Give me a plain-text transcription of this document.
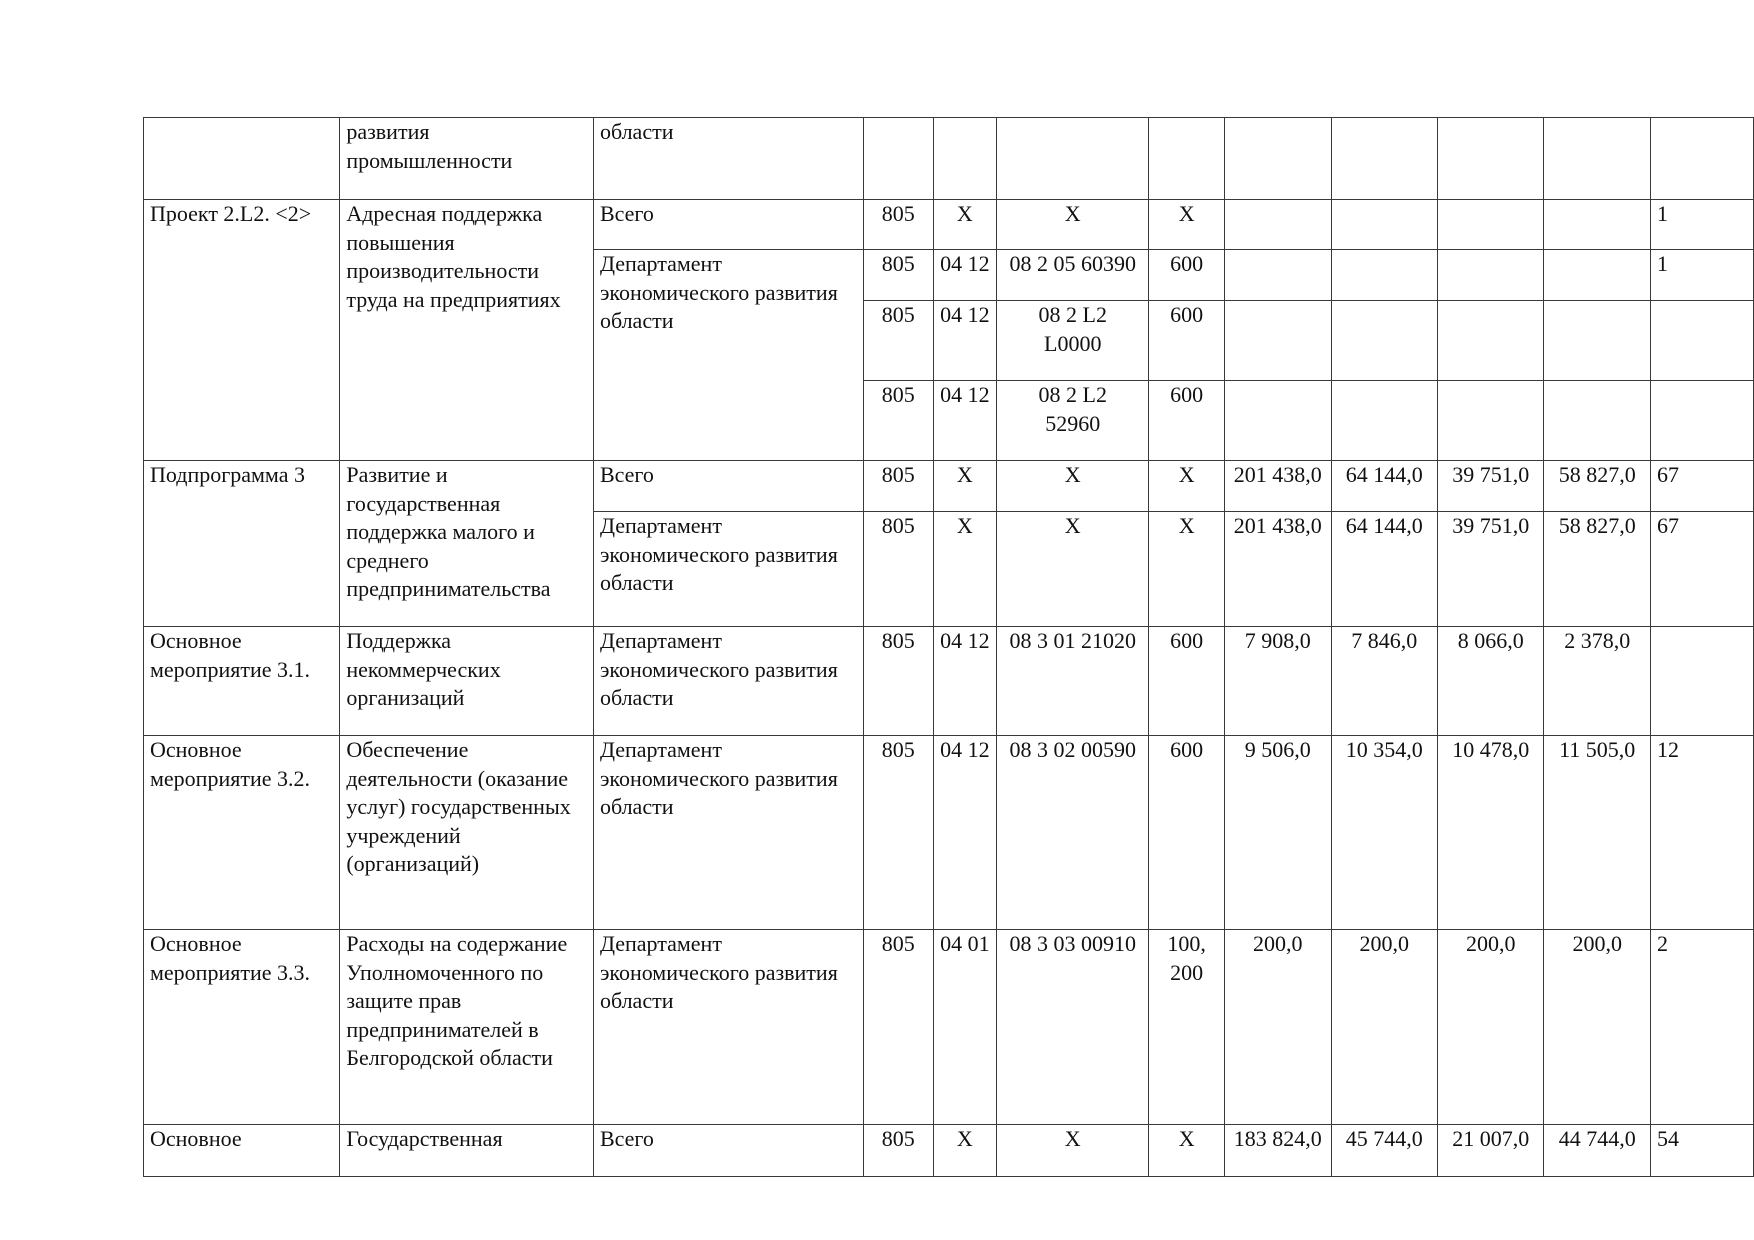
	развития промышленности	области									
Проект 2.L2. <2>	Адресная поддержка повышения производительности труда на предприятиях	Всего	805	X	X	X					1
		Департамент экономического развития области	805	04 12	08 2 05 60390	600					1
			805	04 12	08 2 L2 L0000	600					
			805	04 12	08 2 L2 52960	600					
Подпрограмма 3	Развитие и государственная поддержка малого и среднего предпринимательства	Всего	805	X	X	X	201 438,0	64 144,0	39 751,0	58 827,0	67
		Департамент экономического развития области	805	X	X	X	201 438,0	64 144,0	39 751,0	58 827,0	67
Основное мероприятие 3.1.	Поддержка некоммерческих организаций	Департамент экономического развития области	805	04 12	08 3 01 21020	600	7 908,0	7 846,0	8 066,0	2 378,0	
Основное мероприятие 3.2.	Обеспечение деятельности (оказание услуг) государственных учреждений (организаций)	Департамент экономического развития области	805	04 12	08 3 02 00590	600	9 506,0	10 354,0	10 478,0	11 505,0	12
Основное мероприятие 3.3.	Расходы на содержание Уполномоченного по защите прав предпринимателей в Белгородской области	Департамент экономического развития области	805	04 01	08 3 03 00910	100, 200	200,0	200,0	200,0	200,0	2
Основное	Государственная	Всего	805	X	X	X	183 824,0	45 744,0	21 007,0	44 744,0	54
